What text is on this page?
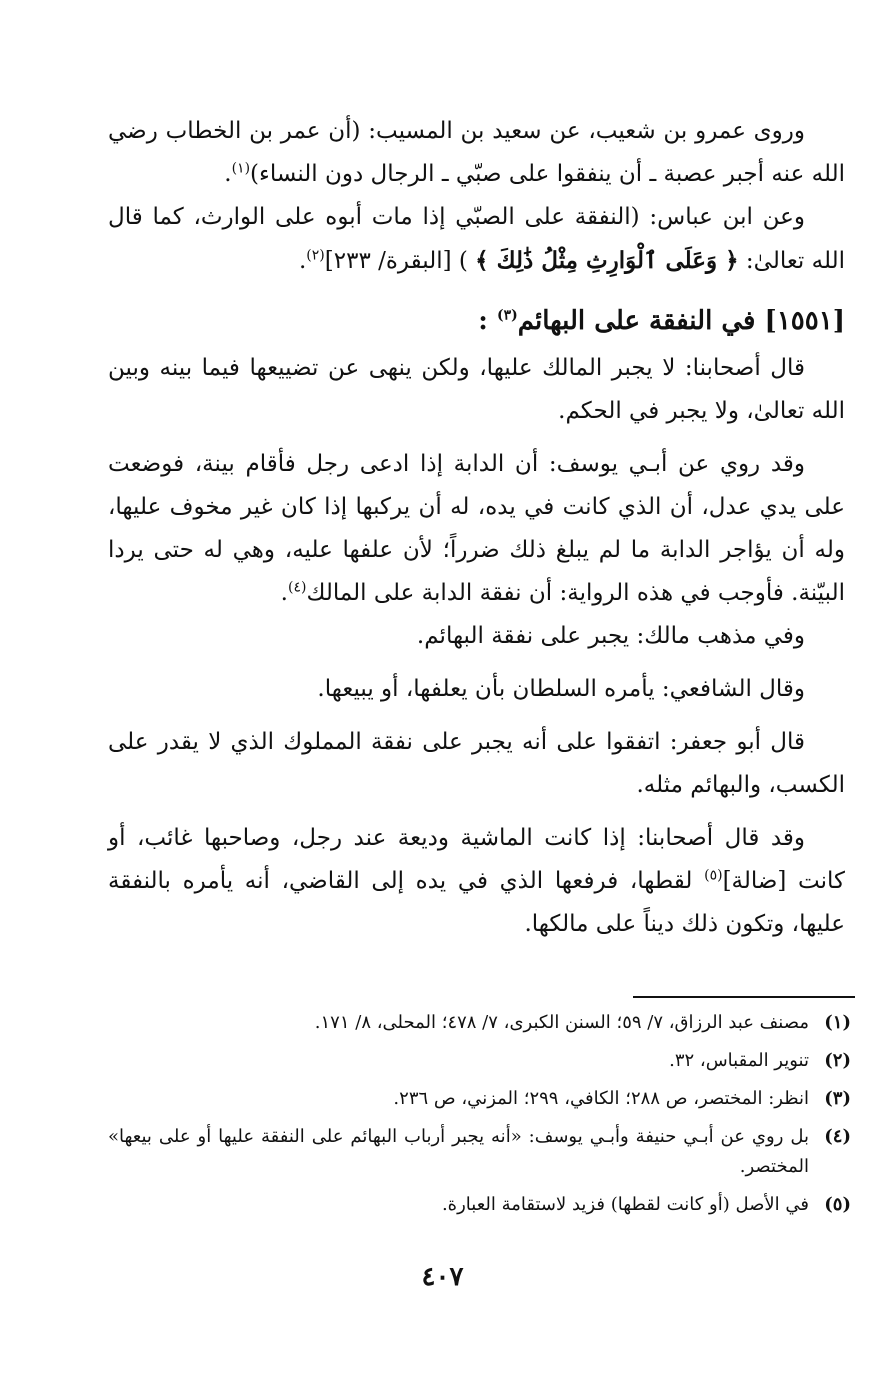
وروى عمرو بن شعيب، عن سعيد بن المسيب: (أن عمر بن الخطاب رضي الله عنه أجبر عصبة ـ أن ينفقوا على صبّي ـ الرجال دون النساء)$^{(١)}$.

وعن ابن عباس: (النفقة على الصبّي إذا مات أبوه على الوارث، كما قال الله تعالىٰ: ﴿ وَعَلَى ٱلْوَارِثِ مِثْلُ ذَٰلِكَ ﴾ ) [البقرة/ ٢٣٣]$^{(٢)}$.

[١٥٥١] في النفقة على البهائم$^{(٣)}$ :

قال أصحابنا: لا يجبر المالك عليها، ولكن ينهى عن تضييعها فيما بينه وبين الله تعالىٰ، ولا يجبر في الحكم.

وقد روي عن أبـي يوسف: أن الدابة إذا ادعى رجل فأقام بينة، فوضعت على يدي عدل، أن الذي كانت في يده، له أن يركبها إذا كان غير مخوف عليها، وله أن يؤاجر الدابة ما لم يبلغ ذلك ضرراً؛ لأن علفها عليه، وهي له حتى يردا البيّنة. فأوجب في هذه الرواية: أن نفقة الدابة على المالك$^{(٤)}$.

وفي مذهب مالك: يجبر على نفقة البهائم.

وقال الشافعي: يأمره السلطان بأن يعلفها، أو يبيعها.

قال أبو جعفر: اتفقوا على أنه يجبر على نفقة المملوك الذي لا يقدر على الكسب، والبهائم مثله.

وقد قال أصحابنا: إذا كانت الماشية وديعة عند رجل، وصاحبها غائب، أو كانت [ضالة]$^{(٥)}$ لقطها، فرفعها الذي في يده إلى القاضي، أنه يأمره بالنفقة عليها، وتكون ذلك ديناً على مالكها.

(١)
مصنف عبد الرزاق، ٧/ ٥٩؛ السنن الكبرى، ٧/ ٤٧٨؛ المحلى، ٨/ ١٧١.
(٢)
تنوير المقباس، ٣٢.
(٣)
انظر: المختصر، ص ٢٨٨؛ الكافي، ٢٩٩؛ المزني، ص ٢٣٦.
(٤)
بل روي عن أبـي حنيفة وأبـي يوسف: «أنه يجبر أرباب البهائم على النفقة عليها أو على بيعها» المختصر.
(٥)
في الأصل (أو كانت لقطها) فزيد لاستقامة العبارة.
٤٠٧
